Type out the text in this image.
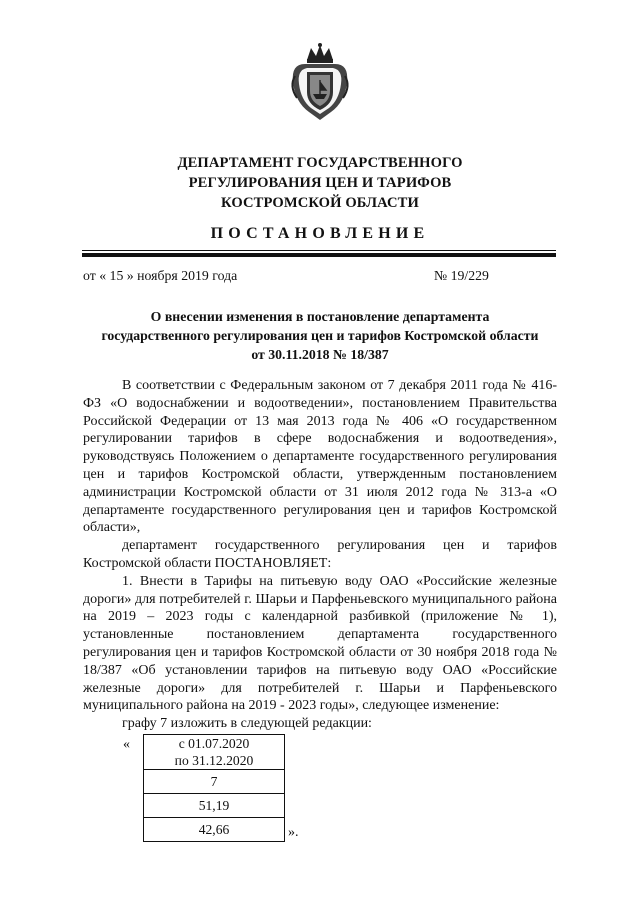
ДЕПАРТАМЕНТ ГОСУДАРСТВЕННОГО
РЕГУЛИРОВАНИЯ ЦЕН И ТАРИФОВ
КОСТРОМСКОЙ ОБЛАСТИ
ПОСТАНОВЛЕНИЕ
от « 15 » ноября 2019 года	№ 19/229
О внесении изменения в постановление департамента
государственного регулирования цен и тарифов Костромской области
от 30.11.2018 № 18/387

В соответствии с Федеральным законом от 7 декабря 2011 года № 416-ФЗ «О водоснабжении и водоотведении», постановлением Правительства Российской Федерации от 13 мая 2013 года № 406 «О государственном регулировании тарифов в сфере водоснабжения и водоотведения», руководствуясь Положением о департаменте государственного регулирования цен и тарифов Костромской области, утвержденным постановлением администрации Костромской области от 31 июля 2012 года № 313-а «О департаменте государственного регулирования цен и тарифов Костромской области»,

департамент государственного регулирования цен и тарифов Костромской области ПОСТАНОВЛЯЕТ:

1. Внести в Тарифы на питьевую воду ОАО «Российские железные дороги» для потребителей г. Шарьи и Парфеньевского муниципального района на 2019 – 2023 годы с календарной разбивкой (приложение № 1), установленные постановлением департамента государственного регулирования цен и тарифов Костромской области от 30 ноября 2018 года № 18/387 «Об установлении тарифов на питьевую воду ОАО «Российские железные дороги» для потребителей г. Шарьи и Парфеньевского муниципального района на 2019 - 2023 годы», следующее изменение:

графу 7 изложить в следующей редакции:

«	с 01.07.2020
по 31.12.2020

7
51,19
42,66	».
